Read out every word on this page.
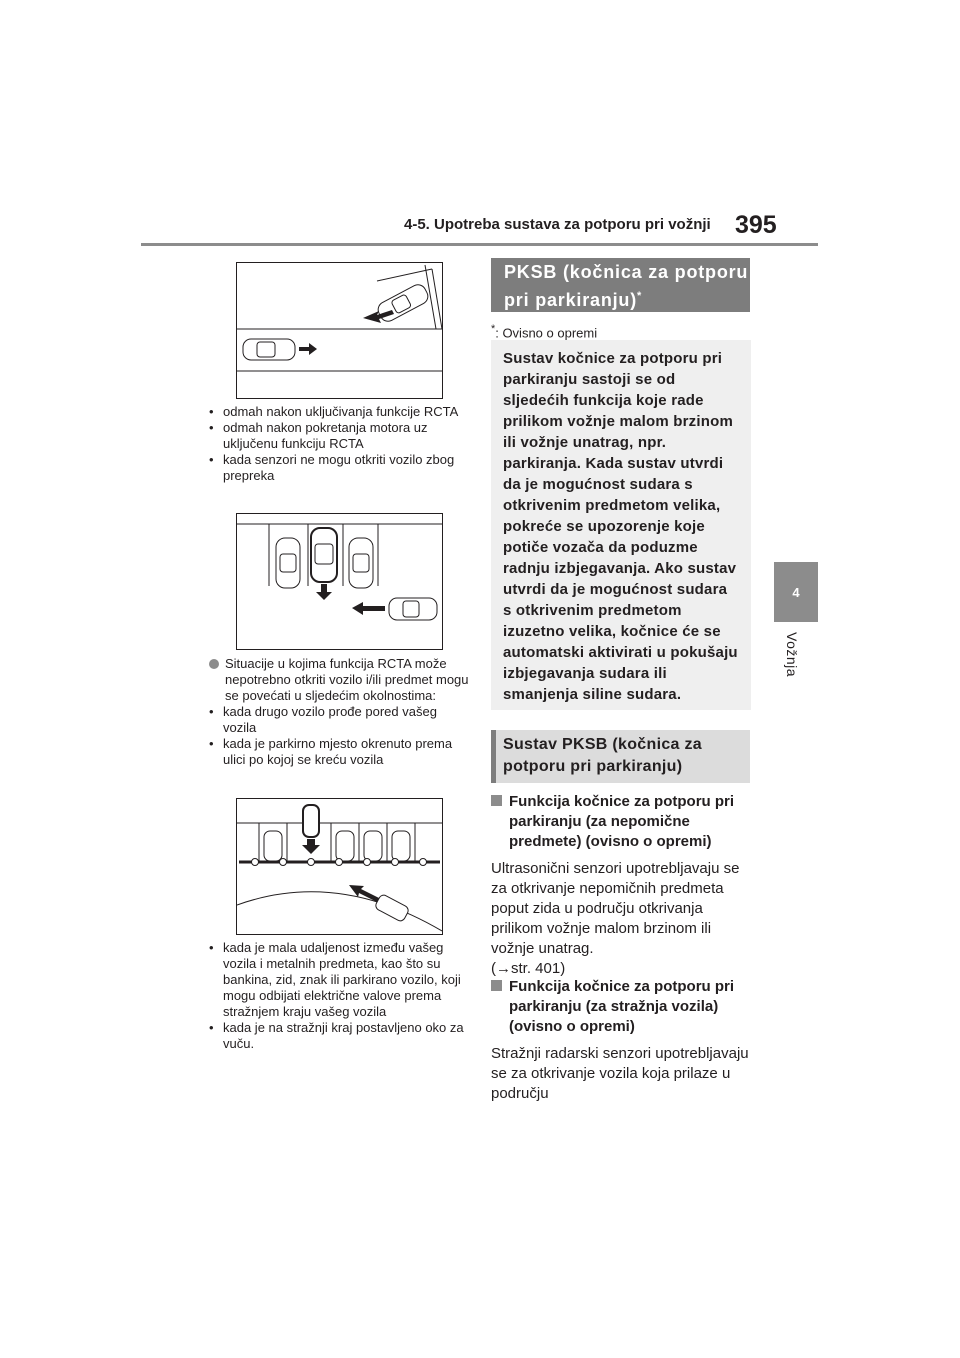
4-5. Upotreba sustava za potporu pri vožnji 395
4
Vožnja

• odmah nakon uključivanja funkcije RCTA

• odmah nakon pokretanja motora uz uključenu funkciju RCTA

• kada senzori ne mogu otkriti vozilo zbog prepreka

Situacije u kojima funkcija RCTA može nepotrebno otkriti vozilo i/ili predmet mogu se povećati u sljedećim okolnostima:

• kada drugo vozilo prođe pored vašeg vozila

• kada je parkirno mjesto okrenuto prema ulici po kojoj se kreću vozila

• kada je mala udaljenost između vašeg vozila i metalnih predmeta, kao što su bankina, zid, znak ili parkirano vozilo, koji mogu odbijati električne valove prema stražnjem kraju vašeg vozila

• kada je na stražnji kraj postavljeno oko za vuču.

PKSB (kočnica za potporu pri parkiranju)*
*: Ovisno o opremi
Sustav kočnice za potporu pri parkiranju sastoji se od sljedećih funkcija koje rade prilikom vožnje malom brzinom ili vožnje unatrag, npr. parkiranja. Kada sustav utvrdi da je mogućnost sudara s otkrivenim predmetom velika, pokreće se upozorenje koje potiče vozača da poduzme radnju izbjegavanja. Ako sustav utvrdi da je mogućnost sudara s otkrivenim predmetom izuzetno velika, kočnice će se automatski aktivirati u pokušaju izbjegavanja sudara ili smanjenja siline sudara.
Sustav PKSB (kočnica za potporu pri parkiranju)
Funkcija kočnice za potporu pri parkiranju (za nepomične predmete) (ovisno o opremi)
Ultrasonični senzori upotrebljavaju se za otkrivanje nepomičnih predmeta poput zida u području otkrivanja prilikom vožnje malom brzinom ili vožnje unatrag.
(→str. 401)
Funkcija kočnice za potporu pri parkiranju (za stražnja vozila) (ovisno o opremi)
Stražnji radarski senzori upotrebljavaju se za otkrivanje vozila koja prilaze u području
